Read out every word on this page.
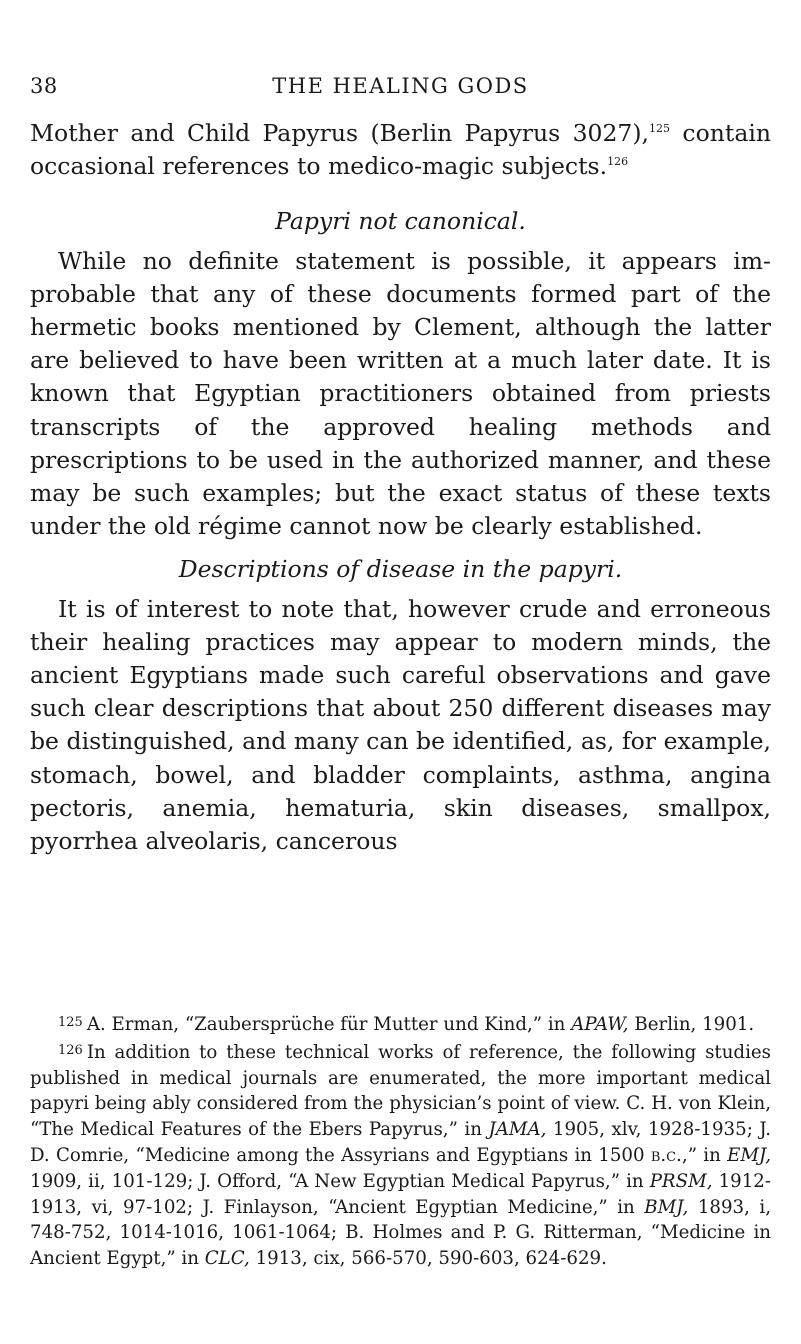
38	THE HEALING GODS

Mother and Child Papyrus (Berlin Papyrus 3027),$^{125}$ contain occasional references to medico-magic subjects.$^{126}$

Papyri not canonical.

While no definite statement is possible, it appears improbable that any of these documents formed part of the hermetic books mentioned by Clement, although the latter are believed to have been written at a much later date. It is known that Egyptian practitioners obtained from priests transcripts of the approved healing methods and prescriptions to be used in the authorized manner, and these may be such examples; but the exact status of these texts under the old régime cannot now be clearly established.

Descriptions of disease in the papyri.

It is of interest to note that, however crude and erroneous their healing practices may appear to modern minds, the ancient Egyptians made such careful observations and gave such clear descriptions that about 250 different diseases may be distinguished, and many can be identified, as, for example, stomach, bowel, and bladder complaints, asthma, angina pectoris, anemia, hematuria, skin diseases, smallpox, pyorrhea alveolaris, cancerous

$^{125}$ A. Erman, “Zaubersprüche für Mutter und Kind,” in APAW, Berlin, 1901.

$^{126}$ In addition to these technical works of reference, the following studies published in medical journals are enumerated, the more important medical papyri being ably considered from the physician’s point of view. C. H. von Klein, “The Medical Features of the Ebers Papyrus,” in JAMA, 1905, xlv, 1928-1935; J. D. Comrie, “Medicine among the Assyrians and Egyptians in 1500 b.c.,” in EMJ, 1909, ii, 101-129; J. Offord, “A New Egyptian Medical Papyrus,” in PRSM, 1912-1913, vi, 97-102; J. Finlayson, “Ancient Egyptian Medicine,” in BMJ, 1893, i, 748-752, 1014-1016, 1061-1064; B. Holmes and P. G. Ritterman, “Medicine in Ancient Egypt,” in CLC, 1913, cix, 566-570, 590-603, 624-629.
